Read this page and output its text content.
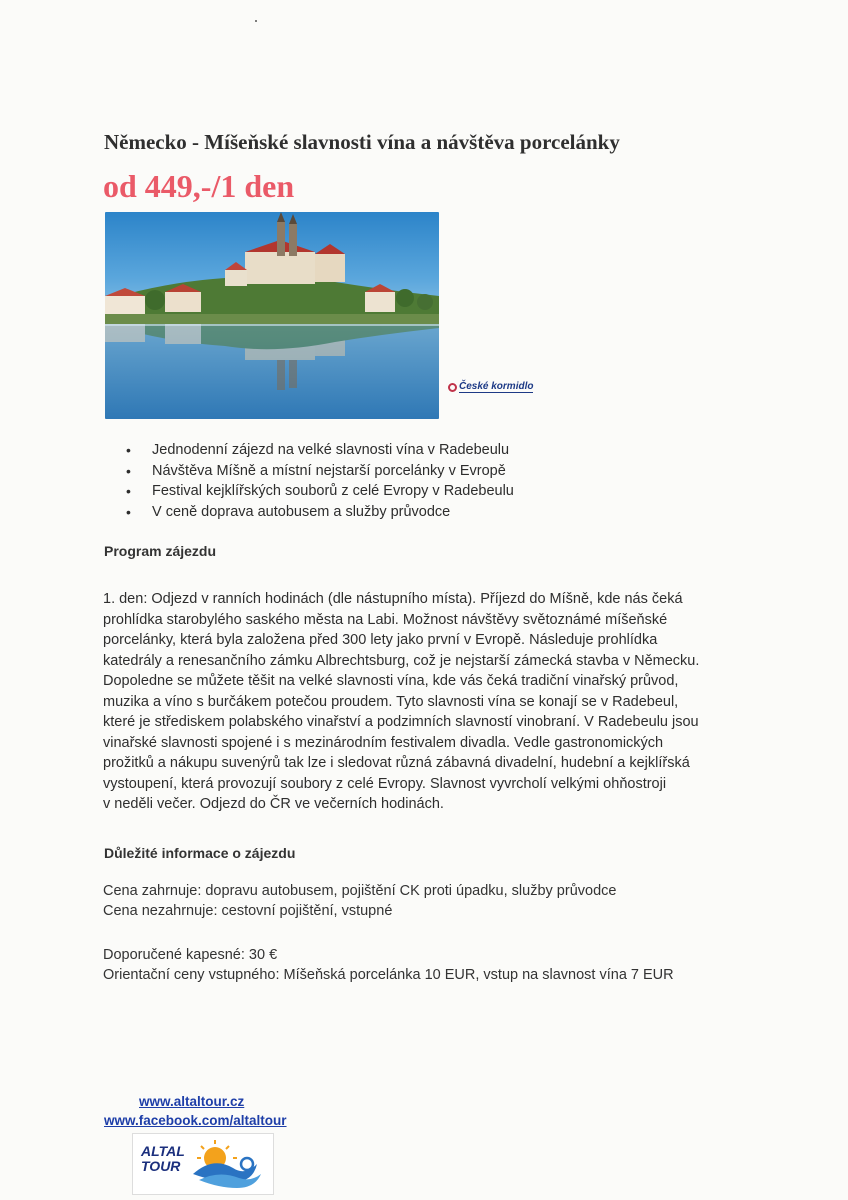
Německo - Míšeňské slavnosti vína a návštěva porcelánky
od 449,-/1 den
České kormidlo
• Jednodenní zájezd na velké slavnosti vína v Radebeulu
• Návštěva Míšně a místní nejstarší porcelánky v Evropě
• Festival kejklířských souborů z celé Evropy v Radebeulu
• V ceně doprava autobusem a služby průvodce
Program zájezdu
1. den: Odjezd v ranních hodinách (dle nástupního místa). Příjezd do Míšně, kde nás čeká
prohlídka starobylého saského města na Labi. Možnost návštěvy světoznámé míšeňské
porcelánky, která byla založena před 300 lety jako první v Evropě. Následuje prohlídka
katedrály a renesančního zámku Albrechtsburg, což je nejstarší zámecká stavba v Německu.
Dopoledne se můžete těšit na velké slavnosti vína, kde vás čeká tradiční vinařský průvod,
muzika a víno s burčákem potečou proudem. Tyto slavnosti vína se konají se v Radebeul,
které je střediskem polabského vinařství a podzimních slavností vinobraní. V Radebeulu jsou
vinařské slavnosti spojené i s mezinárodním festivalem divadla. Vedle gastronomických
prožitků a nákupu suvenýrů tak lze i sledovat různá zábavná divadelní, hudební a kejklířská
vystoupení, která provozují soubory z celé Evropy. Slavnost vyvrcholí velkými ohňostroji
v neděli večer. Odjezd do ČR ve večerních hodinách.
Důležité informace o zájezdu
Cena zahrnuje: dopravu autobusem, pojištění CK proti úpadku, služby průvodce
Cena nezahrnuje: cestovní pojištění, vstupné
Doporučené kapesné: 30 €
Orientační ceny vstupného: Míšeňská porcelánka 10 EUR, vstup na slavnost vína 7 EUR
www.altaltour.cz
www.facebook.com/altaltour
ALTAL
TOUR
